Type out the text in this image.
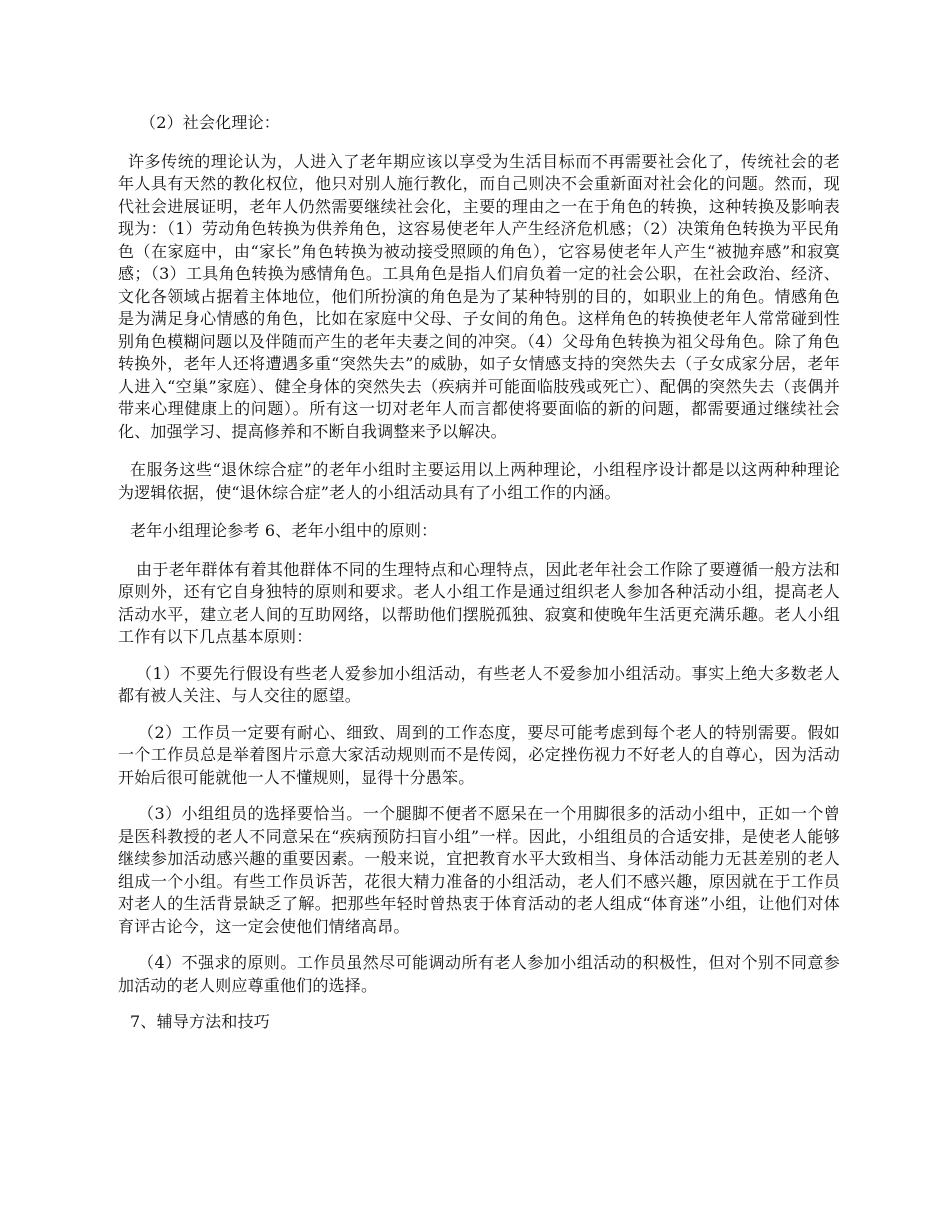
（2）社会化理论：

许多传统的理论认为，人进入了老年期应该以享受为生活目标而不再需要社会化了，传统社会的老年人具有天然的教化权位，他只对别人施行教化，而自己则决不会重新面对社会化的问题。然而，现代社会进展证明，老年人仍然需要继续社会化，主要的理由之一在于角色的转换，这种转换及影响表现为：（1）劳动角色转换为供养角色，这容易使老年人产生经济危机感；（2）决策角色转换为平民角色（在家庭中，由“家长”角色转换为被动接受照顾的角色），它容易使老年人产生“被抛弃感”和寂寞感；（3）工具角色转换为感情角色。工具角色是指人们肩负着一定的社会公职，在社会政治、经济、文化各领域占据着主体地位，他们所扮演的角色是为了某种特别的目的，如职业上的角色。情感角色是为满足身心情感的角色，比如在家庭中父母、子女间的角色。这样角色的转换使老年人常常碰到性别角色模糊问题以及伴随而产生的老年夫妻之间的冲突。（4）父母角色转换为祖父母角色。除了角色转换外，老年人还将遭遇多重“突然失去”的威胁，如子女情感支持的突然失去（子女成家分居，老年人进入“空巢”家庭）、健全身体的突然失去（疾病并可能面临肢残或死亡）、配偶的突然失去（丧偶并带来心理健康上的问题）。所有这一切对老年人而言都使将要面临的新的问题，都需要通过继续社会化、加强学习、提高修养和不断自我调整来予以解决。

在服务这些“退休综合症”的老年小组时主要运用以上两种理论，小组程序设计都是以这两种种理论为逻辑依据，使“退休综合症”老人的小组活动具有了小组工作的内涵。

老年小组理论参考 6、老年小组中的原则：

由于老年群体有着其他群体不同的生理特点和心理特点，因此老年社会工作除了要遵循一般方法和原则外，还有它自身独特的原则和要求。老人小组工作是通过组织老人参加各种活动小组，提高老人活动水平，建立老人间的互助网络，以帮助他们摆脱孤独、寂寞和使晚年生活更充满乐趣。老人小组工作有以下几点基本原则：

（1）不要先行假设有些老人爱参加小组活动，有些老人不爱参加小组活动。事实上绝大多数老人都有被人关注、与人交往的愿望。

（2）工作员一定要有耐心、细致、周到的工作态度，要尽可能考虑到每个老人的特别需要。假如一个工作员总是举着图片示意大家活动规则而不是传阅，必定挫伤视力不好老人的自尊心，因为活动开始后很可能就他一人不懂规则，显得十分愚笨。

（3）小组组员的选择要恰当。一个腿脚不便者不愿呆在一个用脚很多的活动小组中，正如一个曾是医科教授的老人不同意呆在“疾病预防扫盲小组”一样。因此，小组组员的合适安排，是使老人能够继续参加活动感兴趣的重要因素。一般来说，宜把教育水平大致相当、身体活动能力无甚差别的老人组成一个小组。有些工作员诉苦，花很大精力准备的小组活动，老人们不感兴趣，原因就在于工作员对老人的生活背景缺乏了解。把那些年轻时曾热衷于体育活动的老人组成“体育迷”小组，让他们对体育评古论今，这一定会使他们情绪高昂。

（4）不强求的原则。工作员虽然尽可能调动所有老人参加小组活动的积极性，但对个别不同意参加活动的老人则应尊重他们的选择。

7、辅导方法和技巧
